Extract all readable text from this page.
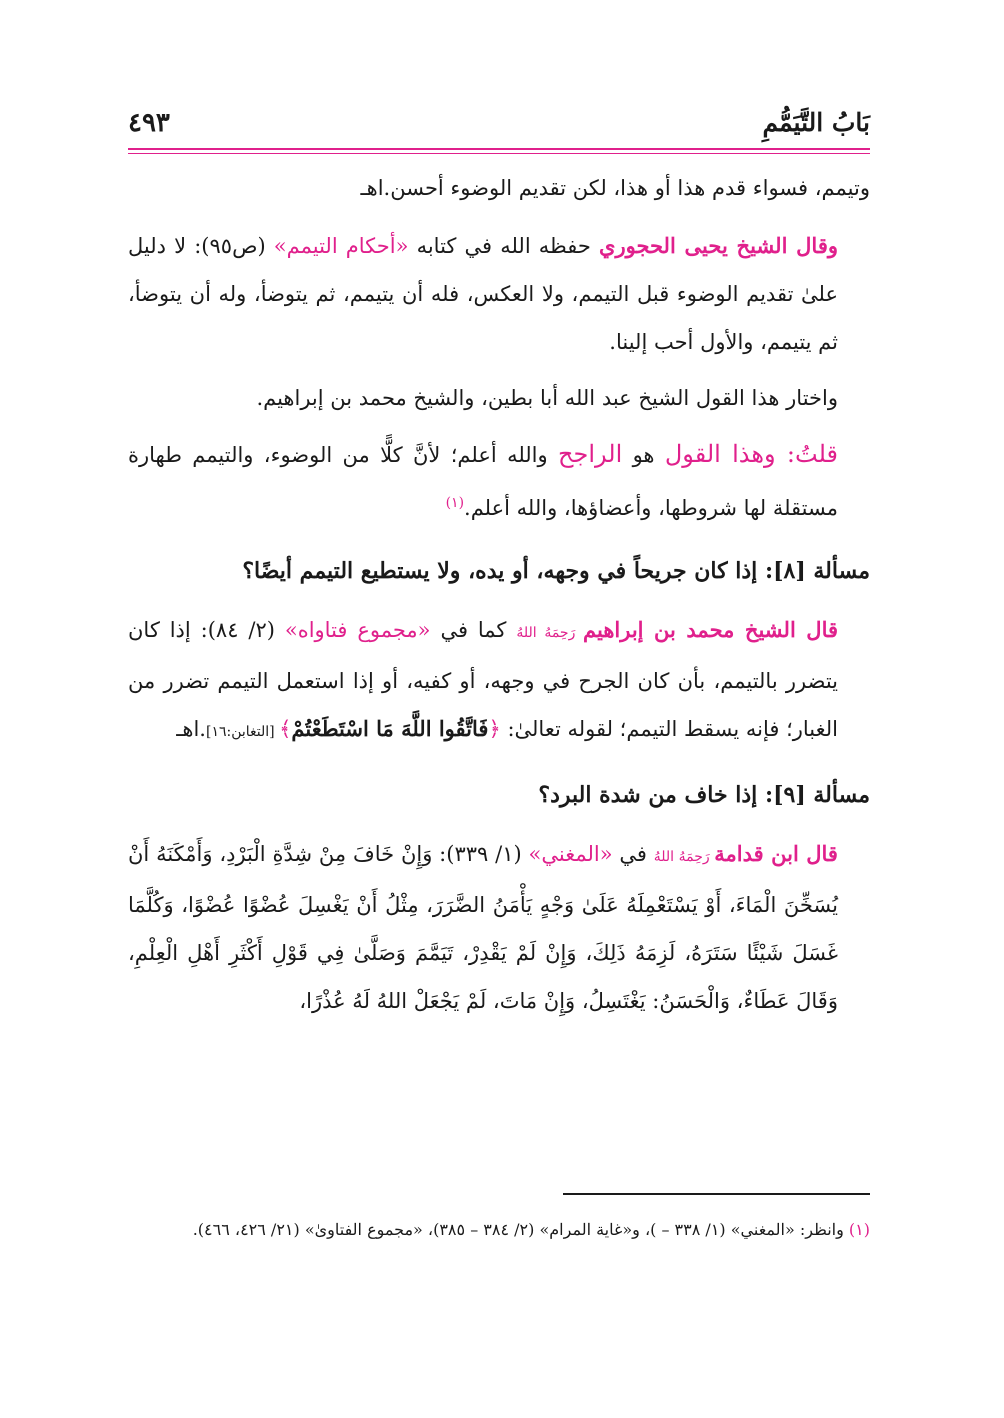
بَابُ التَّيَمُّمِ
٤٩٣

وتيمم، فسواء قدم هذا أو هذا، لكن تقديم الوضوء أحسن.اهـ

وقال الشيخ يحيى الحجوري حفظه الله في كتابه «أحكام التيمم» (ص٩٥): لا دليل علىٰ تقديم الوضوء قبل التيمم، ولا العكس، فله أن يتيمم، ثم يتوضأ، وله أن يتوضأ، ثم يتيمم، والأول أحب إلينا.

واختار هذا القول الشيخ عبد الله أبا بطين، والشيخ محمد بن إبراهيم.

قلتُ: وهذا القول هو الراجح والله أعلم؛ لأنَّ كلًّا من الوضوء، والتيمم طهارة مستقلة لها شروطها، وأعضاؤها، والله أعلم.$^{(١)}$

مسألة [٨]: إذا كان جريحاً في وجهه، أو يده، ولا يستطيع التيمم أيضًا؟

قال الشيخ محمد بن إبراهيم رَحِمَهُ اللهُ كما في «مجموع فتاواه» (٢/ ٨٤): إذا كان يتضرر بالتيمم، بأن كان الجرح في وجهه، أو كفيه، أو إذا استعمل التيمم تضرر من الغبار؛ فإنه يسقط التيمم؛ لقوله تعالىٰ: ﴿فَاتَّقُوا اللَّهَ مَا اسْتَطَعْتُمْ﴾ [التغابن:١٦].اهـ

مسألة [٩]: إذا خاف من شدة البرد؟

قال ابن قدامة رَحِمَهُ اللهُ في «المغني» (١/ ٣٣٩): وَإِنْ خَافَ مِنْ شِدَّةِ الْبَرْدِ، وَأَمْكَنَهُ أَنْ يُسَخِّنَ الْمَاءَ، أَوْ يَسْتَعْمِلَهُ عَلَىٰ وَجْهٍ يَأْمَنُ الضَّرَرَ، مِثْلُ أَنْ يَغْسِلَ عُضْوًا عُضْوًا، وَكُلَّمَا غَسَلَ شَيْئًا سَتَرَهُ، لَزِمَهُ ذَلِكَ، وَإِنْ لَمْ يَقْدِرْ، تَيَمَّمَ وَصَلَّىٰ فِي قَوْلِ أَكْثَرِ أَهْلِ الْعِلْمِ، وَقَالَ عَطَاءٌ، وَالْحَسَنُ: يَغْتَسِلُ، وَإِنْ مَاتَ، لَمْ يَجْعَلْ اللهُ لَهُ عُذْرًا،

(١) وانظر: «المغني» (١/ ٣٣٨ – )، و«غاية المرام» (٢/ ٣٨٤ – ٣٨٥)، «مجموع الفتاوىٰ» (٢١/ ٤٢٦، ٤٦٦).
